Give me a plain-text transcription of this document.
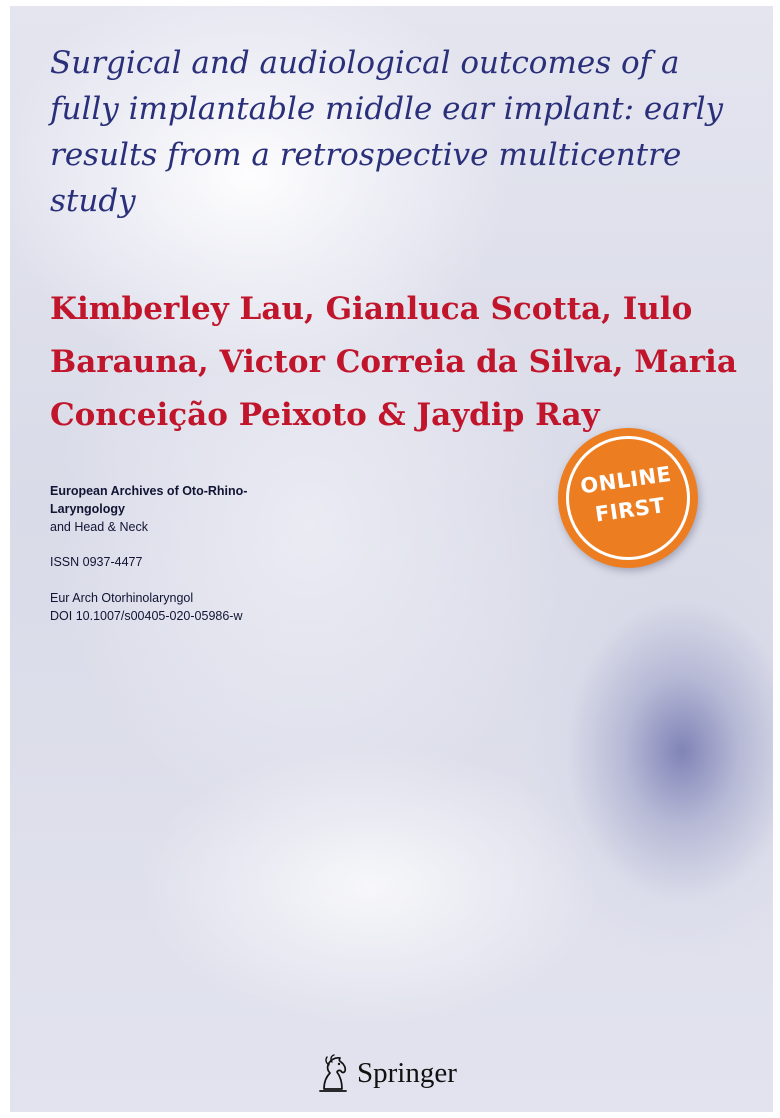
Surgical and audiological outcomes of a
fully implantable middle ear implant: early
results from a retrospective multicentre
study
Kimberley Lau, Gianluca Scotta, Iulo
Barauna, Victor Correia da Silva, Maria
Conceição Peixoto & Jaydip Ray

European Archives of Oto-Rhino-
Laryngology

and Head & Neck

ISSN 0937-4477

Eur Arch Otorhinolaryngol

DOI 10.1007/s00405-020-05986-w

ONLINE
FIRST
Springer
